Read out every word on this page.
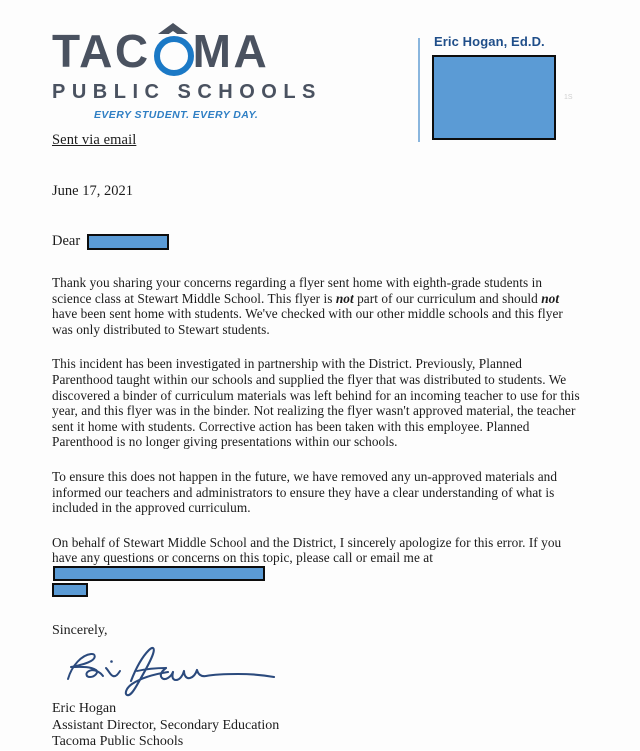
TAC MA
PUBLIC SCHOOLS
EVERY STUDENT. EVERY DAY.
Eric Hogan, Ed.D.
1S
Sent via email
June 17, 2021
Dear

Thank you sharing your concerns regarding a flyer sent home with eighth-grade students in science class at Stewart Middle School. This flyer is not part of our curriculum and should not have been sent home with students. We've checked with our other middle schools and this flyer was only distributed to Stewart students.

This incident has been investigated in partnership with the District. Previously, Planned Parenthood taught within our schools and supplied the flyer that was distributed to students. We discovered a binder of curriculum materials was left behind for an incoming teacher to use for this year, and this flyer was in the binder. Not realizing the flyer wasn't approved material, the teacher sent it home with students. Corrective action has been taken with this employee. Planned Parenthood is no longer giving presentations within our schools.

To ensure this does not happen in the future, we have removed any un-approved materials and informed our teachers and administrators to ensure they have a clear understanding of what is included in the approved curriculum.

On behalf of Stewart Middle School and the District, I sincerely apologize for this error. If you have any questions or concerns on this topic, please call or email me at

Sincerely,
Eric Hogan
Assistant Director, Secondary Education
Tacoma Public Schools
